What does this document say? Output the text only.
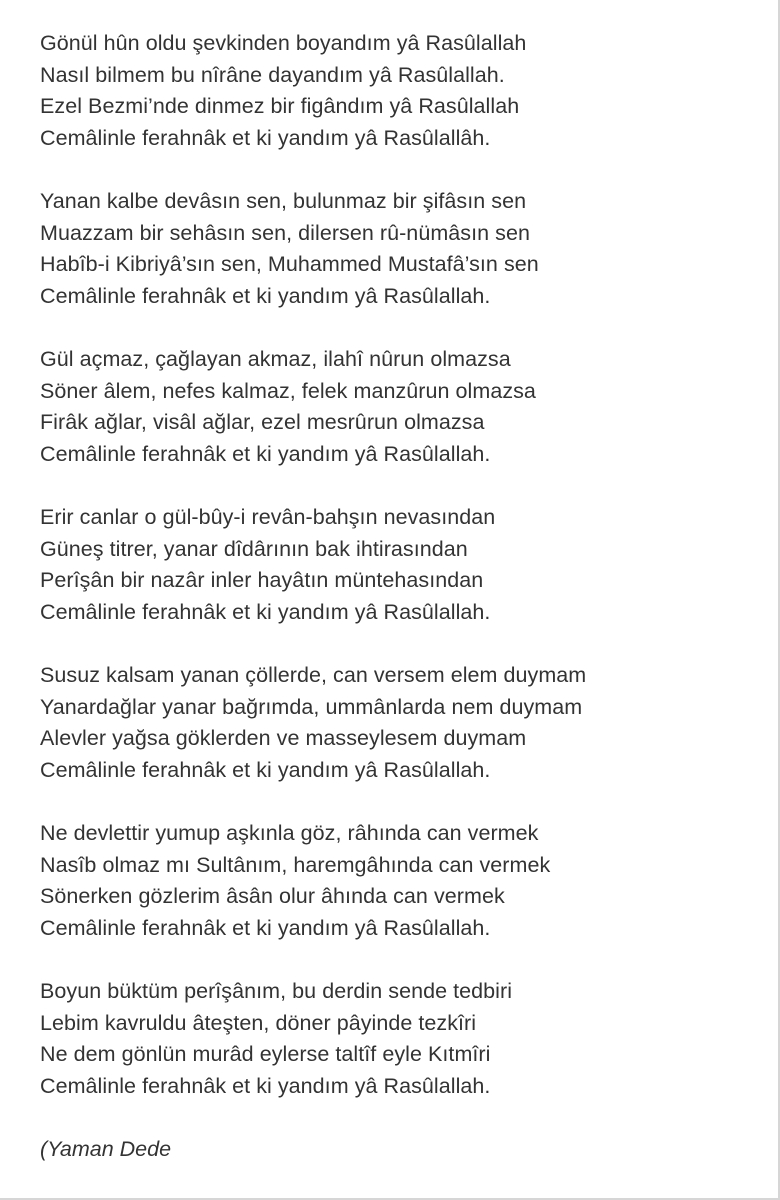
Gönül hûn oldu şevkinden boyandım yâ Rasûlallah
Nasıl bilmem bu nîrâne dayandım yâ Rasûlallah.
Ezel Bezmi’nde dinmez bir figândım yâ Rasûlallah
Cemâlinle ferahnâk et ki yandım yâ Rasûlallâh.
Yanan kalbe devâsın sen, bulunmaz bir şifâsın sen
Muazzam bir sehâsın sen, dilersen rû-nümâsın sen
Habîb-i Kibriyâ’sın sen, Muhammed Mustafâ’sın sen
Cemâlinle ferahnâk et ki yandım yâ Rasûlallah.
Gül açmaz, çağlayan akmaz, ilahî nûrun olmazsa
Söner âlem, nefes kalmaz, felek manzûrun olmazsa
Firâk ağlar, visâl ağlar, ezel mesrûrun olmazsa
Cemâlinle ferahnâk et ki yandım yâ Rasûlallah.
Erir canlar o gül-bûy-i revân-bahşın nevasından
Güneş titrer, yanar dîdârının bak ihtirasından
Perîşân bir nazâr inler hayâtın müntehasından
Cemâlinle ferahnâk et ki yandım yâ Rasûlallah.
Susuz kalsam yanan çöllerde, can versem elem duymam
Yanardağlar yanar bağrımda, ummânlarda nem duymam
Alevler yağsa göklerden ve masseylesem duymam
Cemâlinle ferahnâk et ki yandım yâ Rasûlallah.
Ne devlettir yumup aşkınla göz, râhında can vermek
Nasîb olmaz mı Sultânım, haremgâhında can vermek
Sönerken gözlerim âsân olur âhında can vermek
Cemâlinle ferahnâk et ki yandım yâ Rasûlallah.
Boyun büktüm perîşânım, bu derdin sende tedbiri
Lebim kavruldu âteşten, döner pâyinde tezkîri
Ne dem gönlün murâd eylerse taltîf eyle Kıtmîri
Cemâlinle ferahnâk et ki yandım yâ Rasûlallah.
(Yaman Dede
